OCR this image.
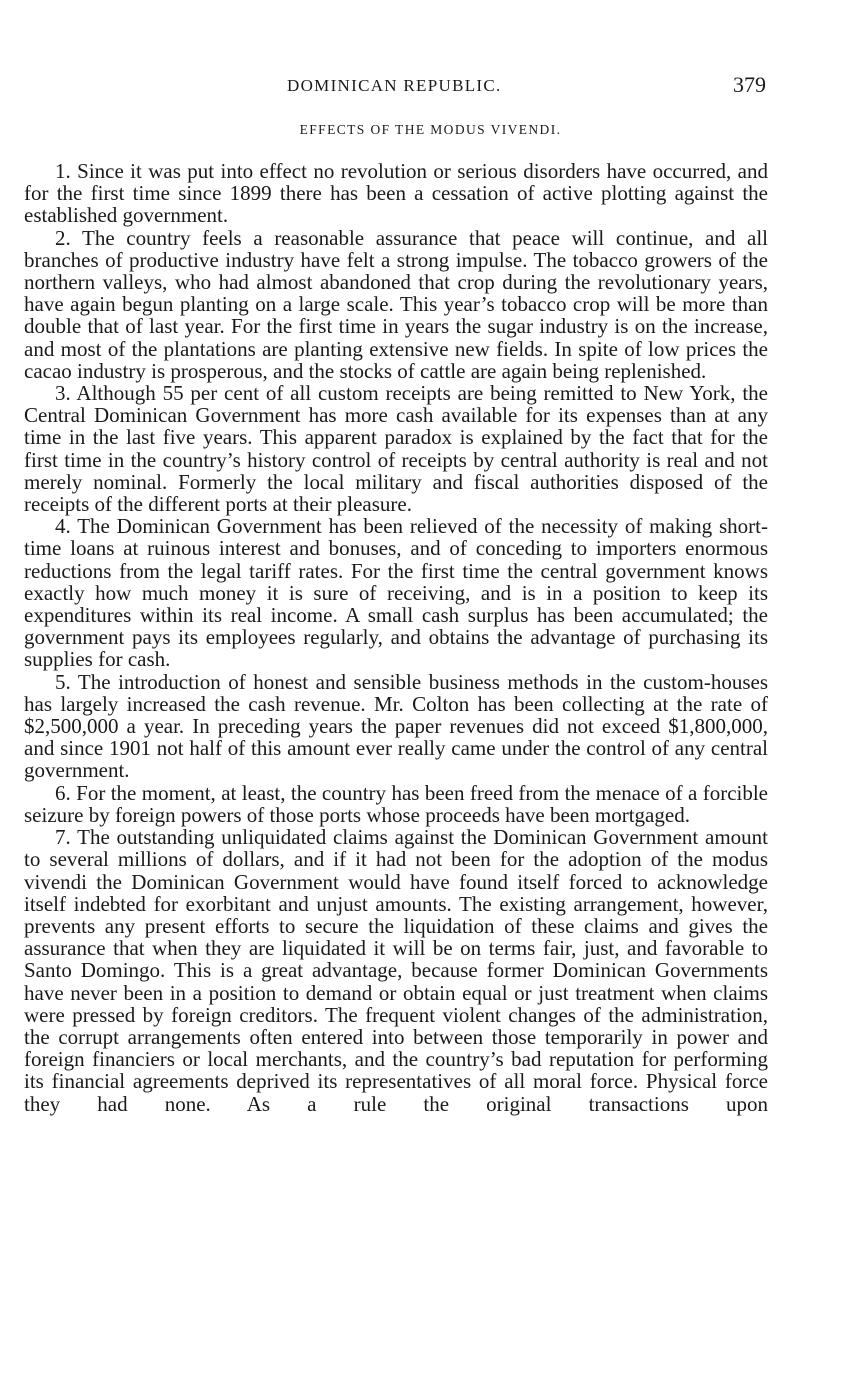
DOMINICAN REPUBLIC.	379
EFFECTS OF THE MODUS VIVENDI.

1. Since it was put into effect no revolution or serious disorders have occurred, and for the first time since 1899 there has been a cessation of active plotting against the established government.

2. The country feels a reasonable assurance that peace will continue, and all branches of productive industry have felt a strong impulse. The tobacco growers of the northern valleys, who had almost abandoned that crop during the revolutionary years, have again begun planting on a large scale. This year’s tobacco crop will be more than double that of last year. For the first time in years the sugar industry is on the increase, and most of the plantations are planting extensive new fields. In spite of low prices the cacao industry is prosperous, and the stocks of cattle are again being replenished.

3. Although 55 per cent of all custom receipts are being remitted to New York, the Central Dominican Government has more cash available for its expenses than at any time in the last five years. This apparent paradox is explained by the fact that for the first time in the country’s history control of receipts by central authority is real and not merely nominal. Formerly the local military and fiscal authorities disposed of the receipts of the different ports at their pleasure.

4. The Dominican Government has been relieved of the necessity of making short-time loans at ruinous interest and bonuses, and of conceding to importers enormous reductions from the legal tariff rates. For the first time the central government knows exactly how much money it is sure of receiving, and is in a position to keep its expenditures within its real income. A small cash surplus has been accumulated; the government pays its employees regularly, and obtains the advantage of purchasing its supplies for cash.

5. The introduction of honest and sensible business methods in the custom-houses has largely increased the cash revenue. Mr. Colton has been collecting at the rate of $2,500,000 a year. In preceding years the paper revenues did not exceed $1,800,000, and since 1901 not half of this amount ever really came under the control of any central government.

6. For the moment, at least, the country has been freed from the menace of a forcible seizure by foreign powers of those ports whose proceeds have been mortgaged.

7. The outstanding unliquidated claims against the Dominican Government amount to several millions of dollars, and if it had not been for the adoption of the modus vivendi the Dominican Government would have found itself forced to acknowledge itself indebted for exorbitant and unjust amounts. The existing arrangement, however, prevents any present efforts to secure the liquidation of these claims and gives the assurance that when they are liquidated it will be on terms fair, just, and favorable to Santo Domingo. This is a great advantage, because former Dominican Governments have never been in a position to demand or obtain equal or just treatment when claims were pressed by foreign creditors. The frequent violent changes of the administration, the corrupt arrangements often entered into between those temporarily in power and foreign financiers or local merchants, and the country’s bad reputation for performing its financial agreements deprived its representatives of all moral force. Physical force they had none. As a rule the original transactions upon
